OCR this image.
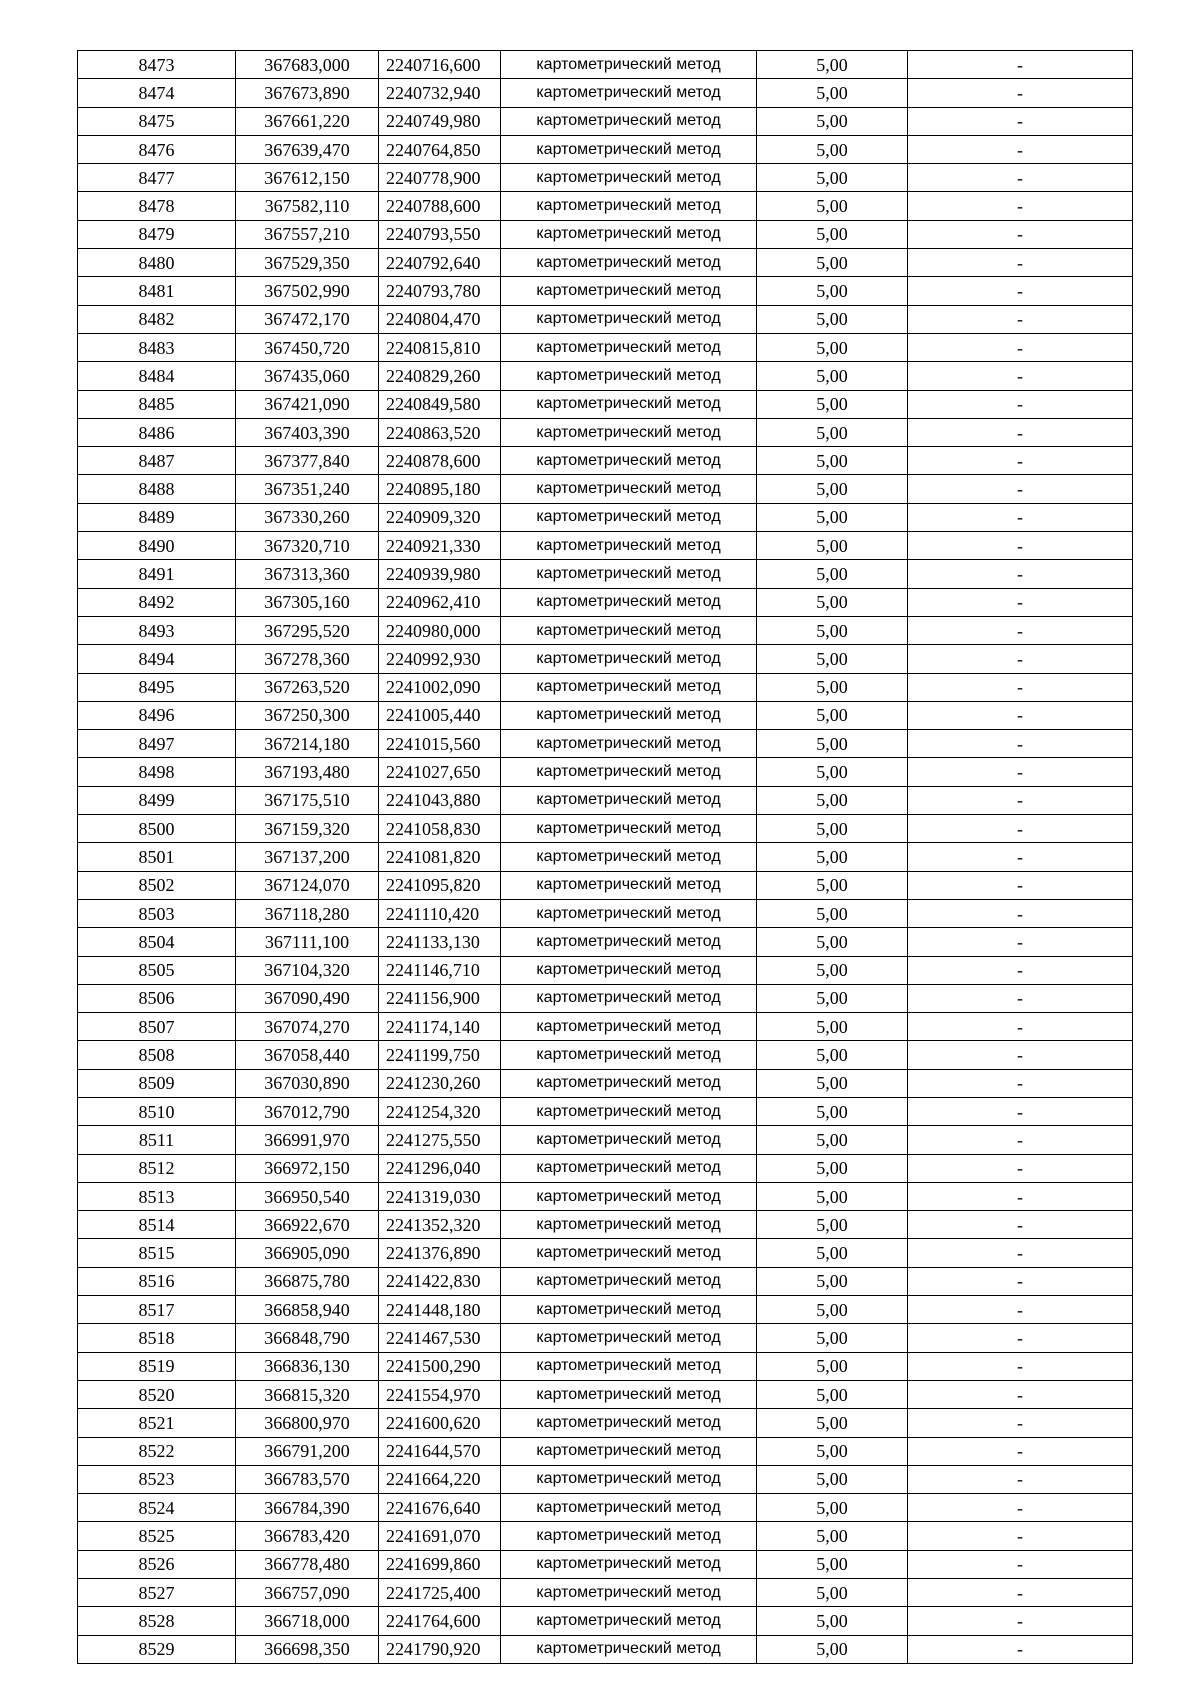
8473	367683,000	2240716,600	картометрический метод	5,00	-
8474	367673,890	2240732,940	картометрический метод	5,00	-
8475	367661,220	2240749,980	картометрический метод	5,00	-
8476	367639,470	2240764,850	картометрический метод	5,00	-
8477	367612,150	2240778,900	картометрический метод	5,00	-
8478	367582,110	2240788,600	картометрический метод	5,00	-
8479	367557,210	2240793,550	картометрический метод	5,00	-
8480	367529,350	2240792,640	картометрический метод	5,00	-
8481	367502,990	2240793,780	картометрический метод	5,00	-
8482	367472,170	2240804,470	картометрический метод	5,00	-
8483	367450,720	2240815,810	картометрический метод	5,00	-
8484	367435,060	2240829,260	картометрический метод	5,00	-
8485	367421,090	2240849,580	картометрический метод	5,00	-
8486	367403,390	2240863,520	картометрический метод	5,00	-
8487	367377,840	2240878,600	картометрический метод	5,00	-
8488	367351,240	2240895,180	картометрический метод	5,00	-
8489	367330,260	2240909,320	картометрический метод	5,00	-
8490	367320,710	2240921,330	картометрический метод	5,00	-
8491	367313,360	2240939,980	картометрический метод	5,00	-
8492	367305,160	2240962,410	картометрический метод	5,00	-
8493	367295,520	2240980,000	картометрический метод	5,00	-
8494	367278,360	2240992,930	картометрический метод	5,00	-
8495	367263,520	2241002,090	картометрический метод	5,00	-
8496	367250,300	2241005,440	картометрический метод	5,00	-
8497	367214,180	2241015,560	картометрический метод	5,00	-
8498	367193,480	2241027,650	картометрический метод	5,00	-
8499	367175,510	2241043,880	картометрический метод	5,00	-
8500	367159,320	2241058,830	картометрический метод	5,00	-
8501	367137,200	2241081,820	картометрический метод	5,00	-
8502	367124,070	2241095,820	картометрический метод	5,00	-
8503	367118,280	2241110,420	картометрический метод	5,00	-
8504	367111,100	2241133,130	картометрический метод	5,00	-
8505	367104,320	2241146,710	картометрический метод	5,00	-
8506	367090,490	2241156,900	картометрический метод	5,00	-
8507	367074,270	2241174,140	картометрический метод	5,00	-
8508	367058,440	2241199,750	картометрический метод	5,00	-
8509	367030,890	2241230,260	картометрический метод	5,00	-
8510	367012,790	2241254,320	картометрический метод	5,00	-
8511	366991,970	2241275,550	картометрический метод	5,00	-
8512	366972,150	2241296,040	картометрический метод	5,00	-
8513	366950,540	2241319,030	картометрический метод	5,00	-
8514	366922,670	2241352,320	картометрический метод	5,00	-
8515	366905,090	2241376,890	картометрический метод	5,00	-
8516	366875,780	2241422,830	картометрический метод	5,00	-
8517	366858,940	2241448,180	картометрический метод	5,00	-
8518	366848,790	2241467,530	картометрический метод	5,00	-
8519	366836,130	2241500,290	картометрический метод	5,00	-
8520	366815,320	2241554,970	картометрический метод	5,00	-
8521	366800,970	2241600,620	картометрический метод	5,00	-
8522	366791,200	2241644,570	картометрический метод	5,00	-
8523	366783,570	2241664,220	картометрический метод	5,00	-
8524	366784,390	2241676,640	картометрический метод	5,00	-
8525	366783,420	2241691,070	картометрический метод	5,00	-
8526	366778,480	2241699,860	картометрический метод	5,00	-
8527	366757,090	2241725,400	картометрический метод	5,00	-
8528	366718,000	2241764,600	картометрический метод	5,00	-
8529	366698,350	2241790,920	картометрический метод	5,00	-
